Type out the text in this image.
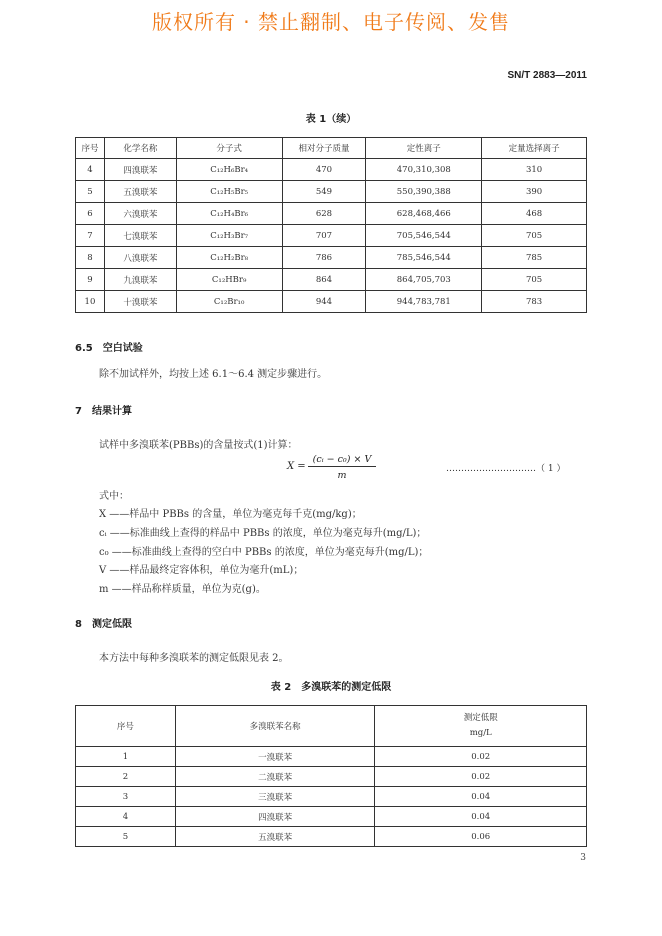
版权所有 · 禁止翻制、电子传阅、发售
SN/T 2883—2011
表 1（续）
序号	化学名称	分子式	相对分子质量	定性离子	定量选择离子
4	四溴联苯	C₁₂H₆Br₄	470	470,310,308	310
5	五溴联苯	C₁₂H₅Br₅	549	550,390,388	390
6	六溴联苯	C₁₂H₄Br₆	628	628,468,466	468
7	七溴联苯	C₁₂H₃Br₇	707	705,546,544	705
8	八溴联苯	C₁₂H₂Br₈	786	785,546,544	785
9	九溴联苯	C₁₂HBr₉	864	864,705,703	705
10	十溴联苯	C₁₂Br₁₀	944	944,783,781	783
6.5　空白试验
除不加试样外，均按上述 6.1～6.4 测定步骤进行。
7　结果计算
试样中多溴联苯(PBBs)的含量按式(1)计算：
X =
(cᵢ − c₀) × V
m
…………………………（ 1 ）
式中：
X ——样品中 PBBs 的含量，单位为毫克每千克(mg/kg)；
cᵢ ——标准曲线上查得的样品中 PBBs 的浓度，单位为毫克每升(mg/L)；
c₀ ——标准曲线上查得的空白中 PBBs 的浓度，单位为毫克每升(mg/L)；
V ——样品最终定容体积，单位为毫升(mL)；
m ——样品称样质量，单位为克(g)。
8　测定低限
本方法中每种多溴联苯的测定低限见表 2。
表 2　多溴联苯的测定低限
序号	多溴联苯名称	测定低限
mg/L

1	一溴联苯	0.02
2	二溴联苯	0.02
3	三溴联苯	0.04
4	四溴联苯	0.04
5	五溴联苯	0.06
3
